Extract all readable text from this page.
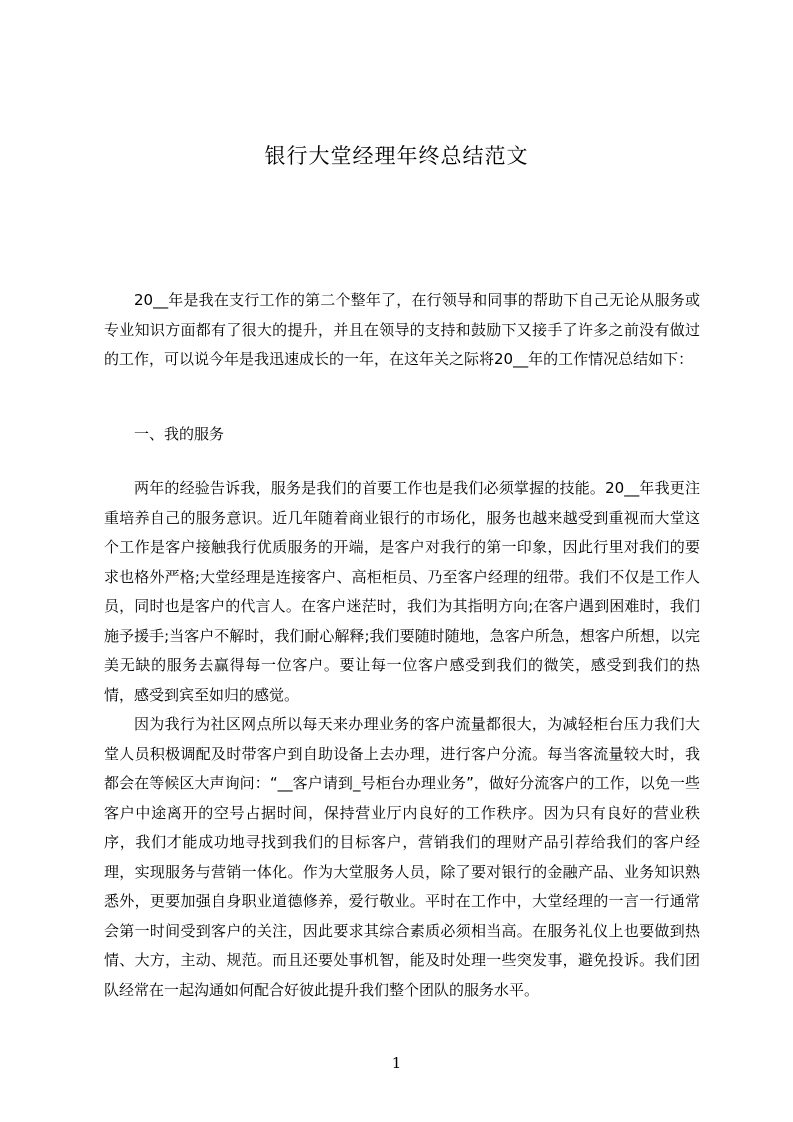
银行大堂经理年终总结范文

20__年是我在支行工作的第二个整年了，在行领导和同事的帮助下自己无论从服务或专业知识方面都有了很大的提升，并且在领导的支持和鼓励下又接手了许多之前没有做过的工作，可以说今年是我迅速成长的一年，在这年关之际将20__年的工作情况总结如下：

一、我的服务

两年的经验告诉我，服务是我们的首要工作也是我们必须掌握的技能。20__年我更注重培养自己的服务意识。近几年随着商业银行的市场化，服务也越来越受到重视而大堂这个工作是客户接触我行优质服务的开端，是客户对我行的第一印象，因此行里对我们的要求也格外严格;大堂经理是连接客户、高柜柜员、乃至客户经理的纽带。我们不仅是工作人员，同时也是客户的代言人。在客户迷茫时，我们为其指明方向;在客户遇到困难时，我们施予援手;当客户不解时，我们耐心解释;我们要随时随地，急客户所急，想客户所想，以完美无缺的服务去赢得每一位客户。要让每一位客户感受到我们的微笑，感受到我们的热情，感受到宾至如归的感觉。

因为我行为社区网点所以每天来办理业务的客户流量都很大，为减轻柜台压力我们大堂人员积极调配及时带客户到自助设备上去办理，进行客户分流。每当客流量较大时，我都会在等候区大声询问：“__客户请到_号柜台办理业务”，做好分流客户的工作，以免一些客户中途离开的空号占据时间，保持营业厅内良好的工作秩序。因为只有良好的营业秩序，我们才能成功地寻找到我们的目标客户，营销我们的理财产品引荐给我们的客户经理，实现服务与营销一体化。作为大堂服务人员，除了要对银行的金融产品、业务知识熟悉外，更要加强自身职业道德修养，爱行敬业。平时在工作中，大堂经理的一言一行通常会第一时间受到客户的关注，因此要求其综合素质必须相当高。在服务礼仪上也要做到热情、大方，主动、规范。而且还要处事机智，能及时处理一些突发事，避免投诉。我们团队经常在一起沟通如何配合好彼此提升我们整个团队的服务水平。

1
